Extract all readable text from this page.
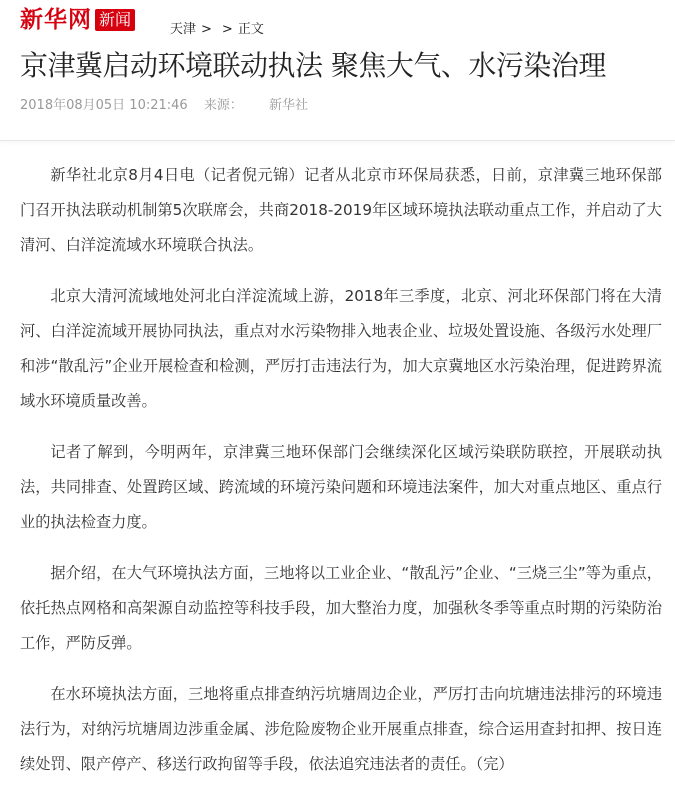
新华网 新闻
天津 > > 正文
京津冀启动环境联动执法 聚焦大气、水污染治理
2018年08月05日 10:21:46 来源： 新华社

新华社北京8月4日电（记者倪元锦）记者从北京市环保局获悉，日前，京津冀三地环保部门召开执法联动机制第5次联席会，共商2018-2019年区域环境执法联动重点工作，并启动了大清河、白洋淀流域水环境联合执法。

北京大清河流域地处河北白洋淀流域上游，2018年三季度，北京、河北环保部门将在大清河、白洋淀流域开展协同执法，重点对水污染物排入地表企业、垃圾处置设施、各级污水处理厂和涉“散乱污”企业开展检查和检测，严厉打击违法行为，加大京冀地区水污染治理，促进跨界流域水环境质量改善。

记者了解到，今明两年，京津冀三地环保部门会继续深化区域污染联防联控，开展联动执法，共同排查、处置跨区域、跨流域的环境污染问题和环境违法案件，加大对重点地区、重点行业的执法检查力度。

据介绍，在大气环境执法方面，三地将以工业企业、“散乱污”企业、“三烧三尘”等为重点，依托热点网格和高架源自动监控等科技手段，加大整治力度，加强秋冬季等重点时期的污染防治工作，严防反弹。

在水环境执法方面，三地将重点排查纳污坑塘周边企业，严厉打击向坑塘违法排污的环境违法行为，对纳污坑塘周边涉重金属、涉危险废物企业开展重点排查，综合运用查封扣押、按日连续处罚、限产停产、移送行政拘留等手段，依法追究违法者的责任。（完）
